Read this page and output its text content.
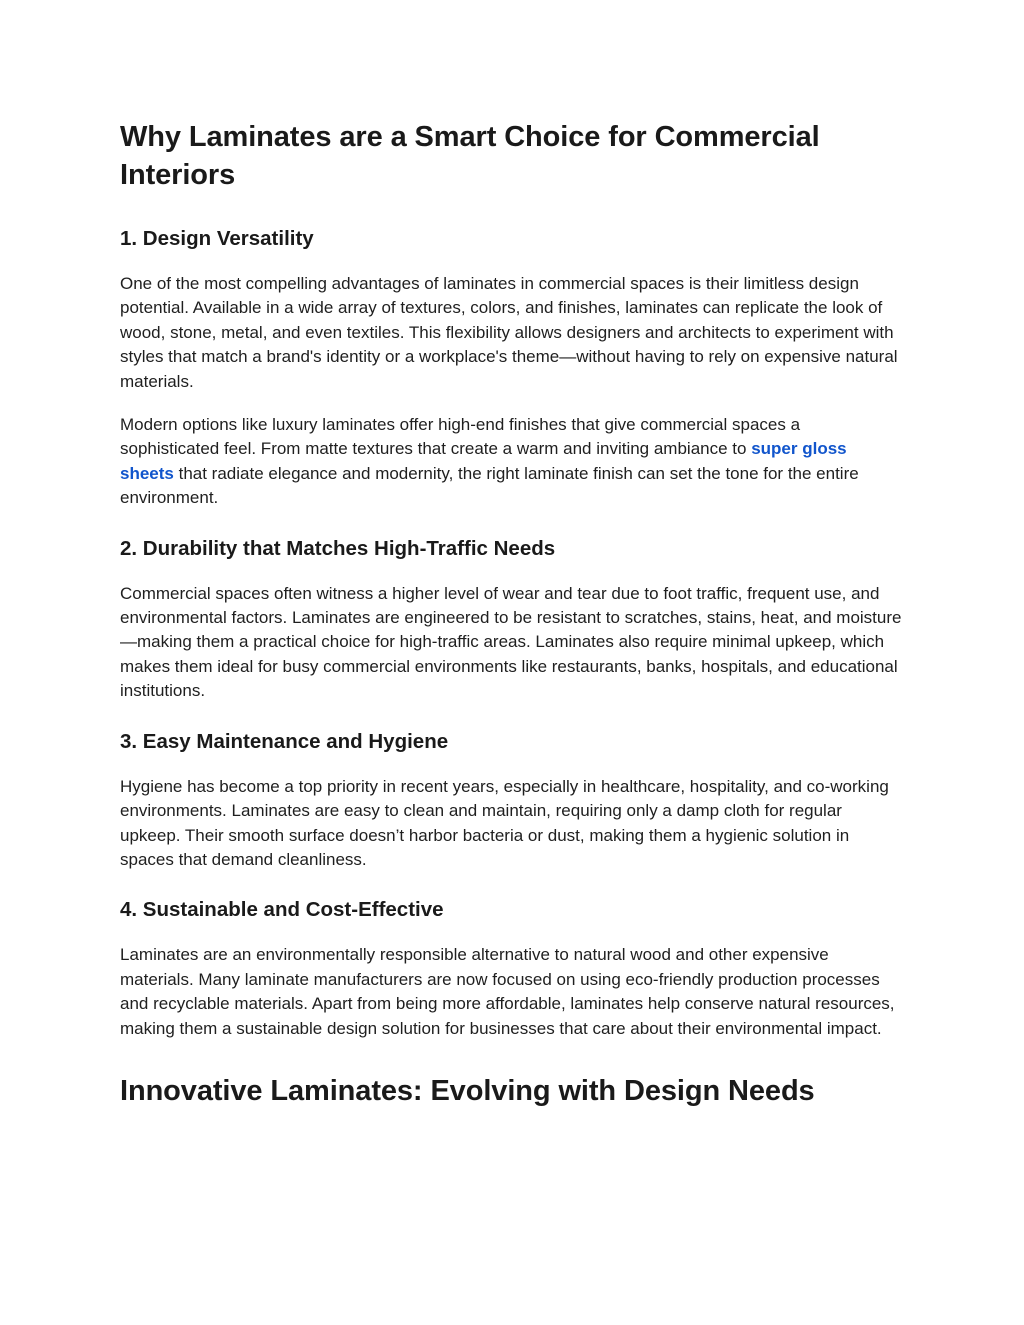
Why Laminates are a Smart Choice for Commercial Interiors
1. Design Versatility

One of the most compelling advantages of laminates in commercial spaces is their limitless design potential. Available in a wide array of textures, colors, and finishes, laminates can replicate the look of wood, stone, metal, and even textiles. This flexibility allows designers and architects to experiment with styles that match a brand's identity or a workplace's theme—without having to rely on expensive natural materials.

Modern options like luxury laminates offer high-end finishes that give commercial spaces a sophisticated feel. From matte textures that create a warm and inviting ambiance to super gloss sheets that radiate elegance and modernity, the right laminate finish can set the tone for the entire environment.

2. Durability that Matches High-Traffic Needs

Commercial spaces often witness a higher level of wear and tear due to foot traffic, frequent use, and environmental factors. Laminates are engineered to be resistant to scratches, stains, heat, and moisture—making them a practical choice for high-traffic areas. Laminates also require minimal upkeep, which makes them ideal for busy commercial environments like restaurants, banks, hospitals, and educational institutions.

3. Easy Maintenance and Hygiene

Hygiene has become a top priority in recent years, especially in healthcare, hospitality, and co-working environments. Laminates are easy to clean and maintain, requiring only a damp cloth for regular upkeep. Their smooth surface doesn’t harbor bacteria or dust, making them a hygienic solution in spaces that demand cleanliness.

4. Sustainable and Cost-Effective

Laminates are an environmentally responsible alternative to natural wood and other expensive materials. Many laminate manufacturers are now focused on using eco-friendly production processes and recyclable materials. Apart from being more affordable, laminates help conserve natural resources, making them a sustainable design solution for businesses that care about their environmental impact.

Innovative Laminates: Evolving with Design Needs
